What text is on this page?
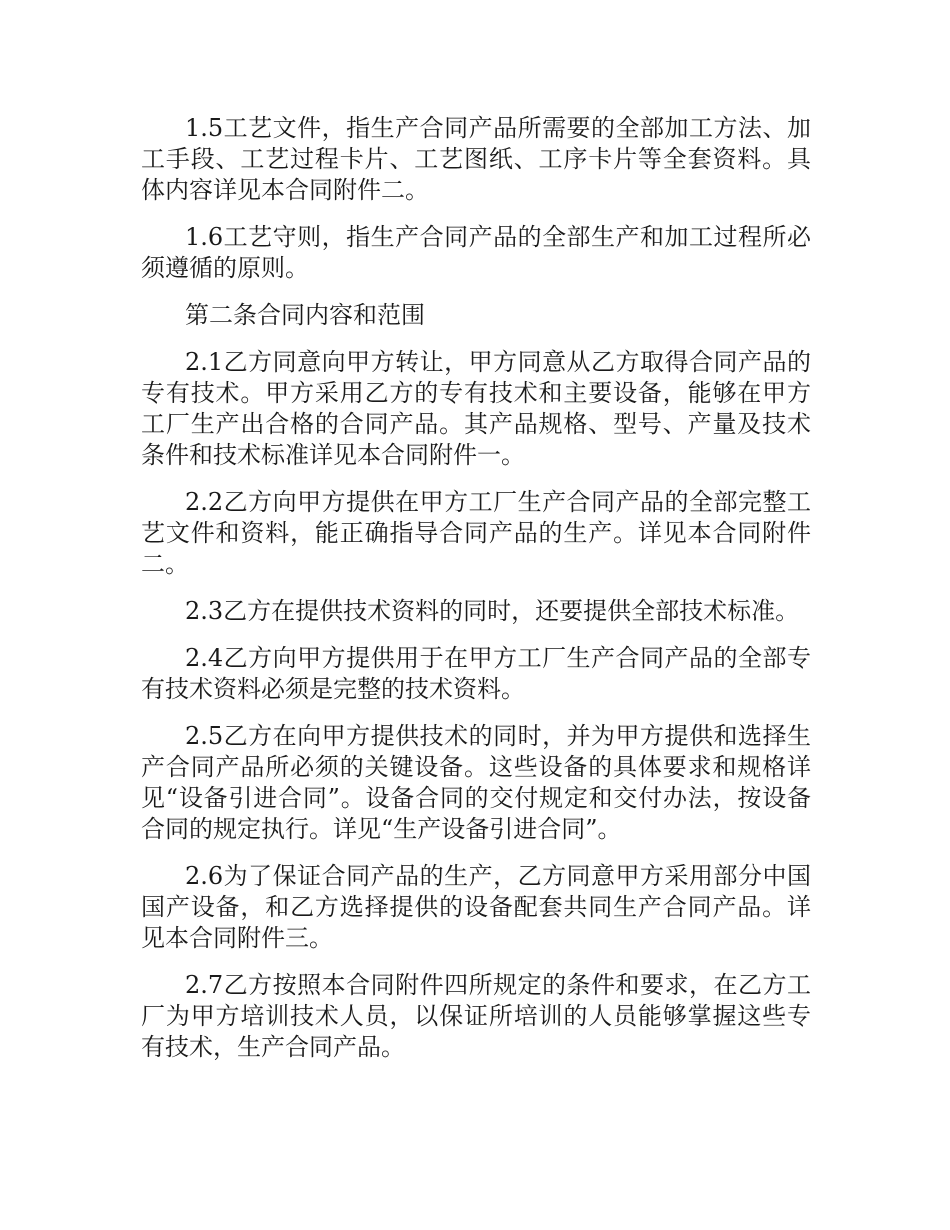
1.5工艺文件，指生产合同产品所需要的全部加工方法、加工手段、工艺过程卡片、工艺图纸、工序卡片等全套资料。具体内容详见本合同附件二。

1.6工艺守则，指生产合同产品的全部生产和加工过程所必须遵循的原则。

第二条合同内容和范围

2.1乙方同意向甲方转让，甲方同意从乙方取得合同产品的专有技术。甲方采用乙方的专有技术和主要设备，能够在甲方工厂生产出合格的合同产品。其产品规格、型号、产量及技术条件和技术标准详见本合同附件一。

2.2乙方向甲方提供在甲方工厂生产合同产品的全部完整工艺文件和资料，能正确指导合同产品的生产。详见本合同附件二。

2.3乙方在提供技术资料的同时，还要提供全部技术标准。

2.4乙方向甲方提供用于在甲方工厂生产合同产品的全部专有技术资料必须是完整的技术资料。

2.5乙方在向甲方提供技术的同时，并为甲方提供和选择生产合同产品所必须的关键设备。这些设备的具体要求和规格详见“设备引进合同”。设备合同的交付规定和交付办法，按设备合同的规定执行。详见“生产设备引进合同”。

2.6为了保证合同产品的生产，乙方同意甲方采用部分中国国产设备，和乙方选择提供的设备配套共同生产合同产品。详见本合同附件三。

2.7乙方按照本合同附件四所规定的条件和要求，在乙方工厂为甲方培训技术人员，以保证所培训的人员能够掌握这些专有技术，生产合同产品。
